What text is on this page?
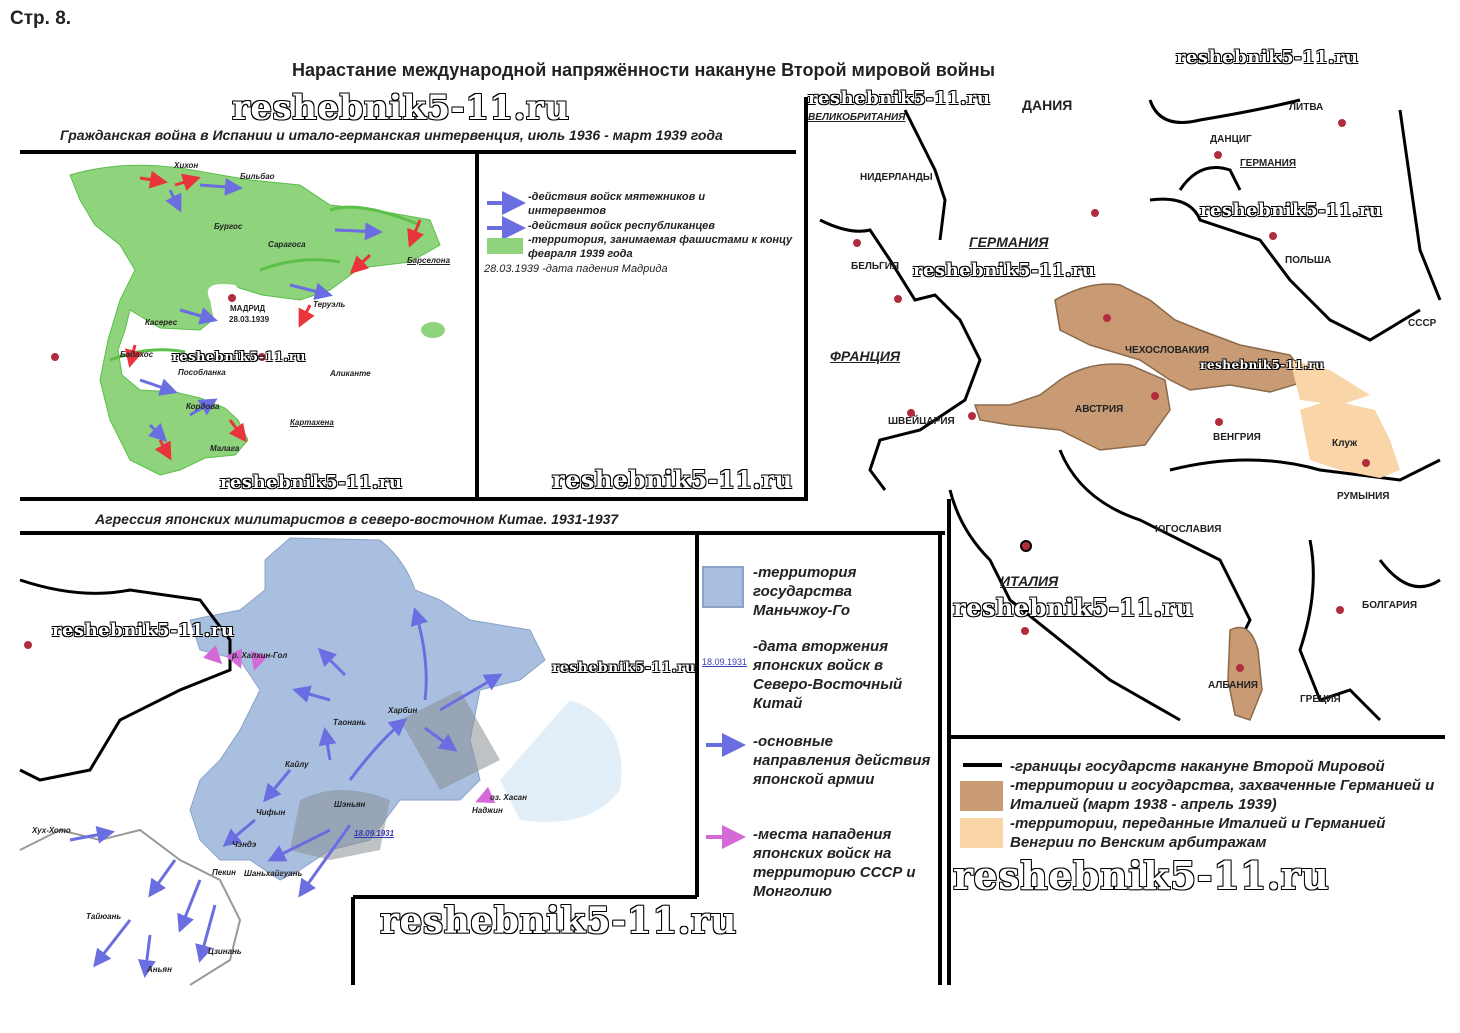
Стр. 8.
Нарастание международной напряжённости накануне Второй мировой войны
reshebnik5-11.ru
reshebnik5-11.ru
reshebnik5-11.ru
reshebnik5-11.ru
reshebnik5-11.ru
reshebnik5-11.ru
reshebnik5-11.ru
reshebnik5-11.ru	reshebnik5-11.ru
reshebnik5-11.ru
reshebnik5-11.ru
reshebnik5-11.ru
reshebnik5-11.ru
reshebnik5-11.ru
Гражданская война в Испании и итало-германская интервенция, июль 1936 - март 1939 года
Хихон
Бильбао
Бургос
Сарагоса
Барселона
МАДРИД
28.03.1939
Теруэль
Касерес
Бадахос
Пособланка	Аликанте
Кордова
Картахена
Малага
-действия войск мятежников и интервентов
-действия войск республиканцев
-территория, занимаемая фашистами к концу февраля 1939 года
28.03.1939 -дата падения Мадрида
ДАНИЯ
ВЕЛИКОБРИТАНИЯ
ЛИТВА
ДАНЦИГ
ГЕРМАНИЯ
НИДЕРЛАНДЫ
ГЕРМАНИЯ
БЕЛЬГИЯ
ПОЛЬША
СССР
ФРАНЦИЯ	ЧЕХОСЛОВАКИЯ
АВСТРИЯ
ШВЕЙЦАРИЯ
ВЕНГРИЯ
Клуж
РУМЫНИЯ
ЮГОСЛАВИЯ
ИТАЛИЯ
БОЛГАРИЯ
АЛБАНИЯ
ГРЕЦИЯ
-границы государств накануне Второй Мировой
-территории и государства, захваченные Германией и Италией (март 1938 - апрель 1939)
-территории, переданные Италией и Германией Венгрии по Венским арбитражам
Агрессия японских милитаристов в северо-восточном Китае. 1931-1937
р. Халхин-Гол
Харбин
Таонань
Кайлу
Чифын
Шэньян
18.09.1931
Чэндэ
оз. Хасан
Наджин
Хух-Хото
Пекин Шаньхайгуань
Тайюань
Цзинань
Аньян
-территория государства Маньчжоу-Го
18.09.1931
-дата вторжения японских войск в Северо-Восточный Китай
-основные направления действия японской армии
-места нападения японских войск на территорию СССР и Монголию
